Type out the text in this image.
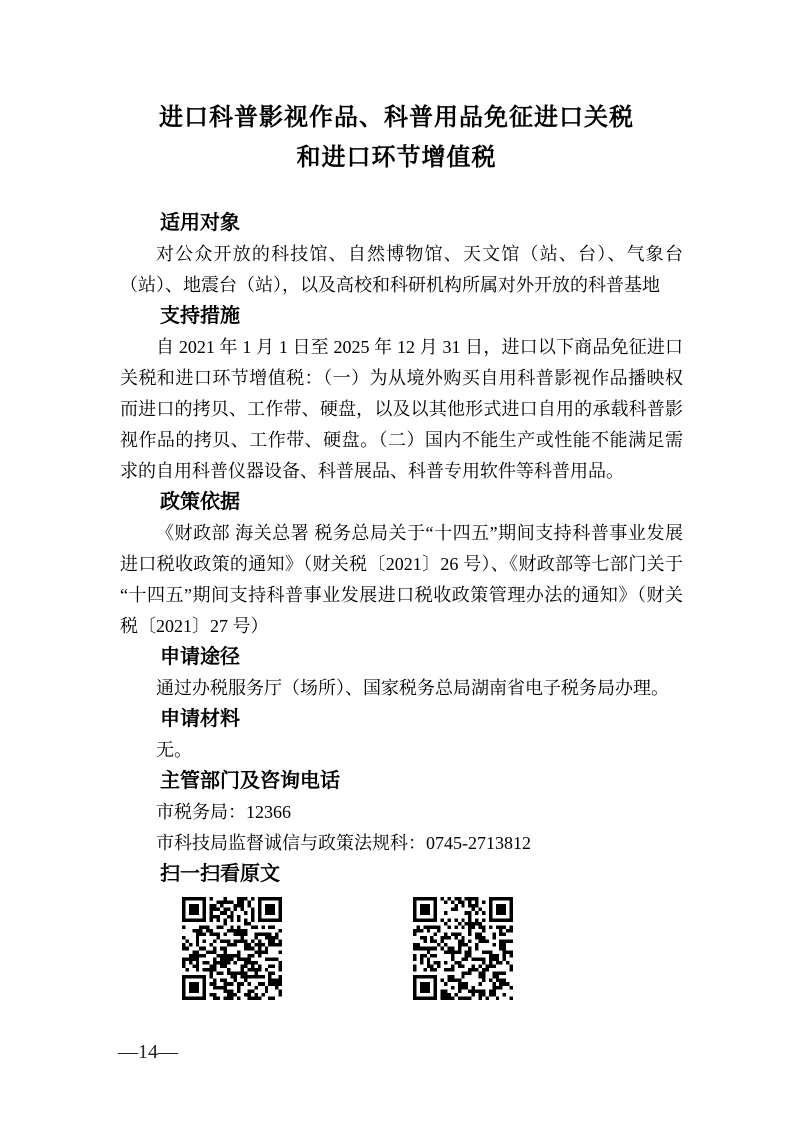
进口科普影视作品、科普用品免征进口关税
和进口环节增值税
适用对象

对公众开放的科技馆、自然博物馆、天文馆（站、台）、气象台（站）、地震台（站），以及高校和科研机构所属对外开放的科普基地

支持措施

自 2021 年 1 月 1 日至 2025 年 12 月 31 日，进口以下商品免征进口关税和进口环节增值税：（一）为从境外购买自用科普影视作品播映权而进口的拷贝、工作带、硬盘，以及以其他形式进口自用的承载科普影视作品的拷贝、工作带、硬盘。（二）国内不能生产或性能不能满足需求的自用科普仪器设备、科普展品、科普专用软件等科普用品。

政策依据

《财政部 海关总署 税务总局关于“十四五”期间支持科普事业发展进口税收政策的通知》（财关税〔2021〕26 号）、《财政部等七部门关于“十四五”期间支持科普事业发展进口税收政策管理办法的通知》（财关税〔2021〕27 号）

申请途径

通过办税服务厅（场所）、国家税务总局湖南省电子税务局办理。

申请材料

无。

主管部门及咨询电话

市税务局：12366

市科技局监督诚信与政策法规科：0745-2713812

扫一扫看原文
—14—
